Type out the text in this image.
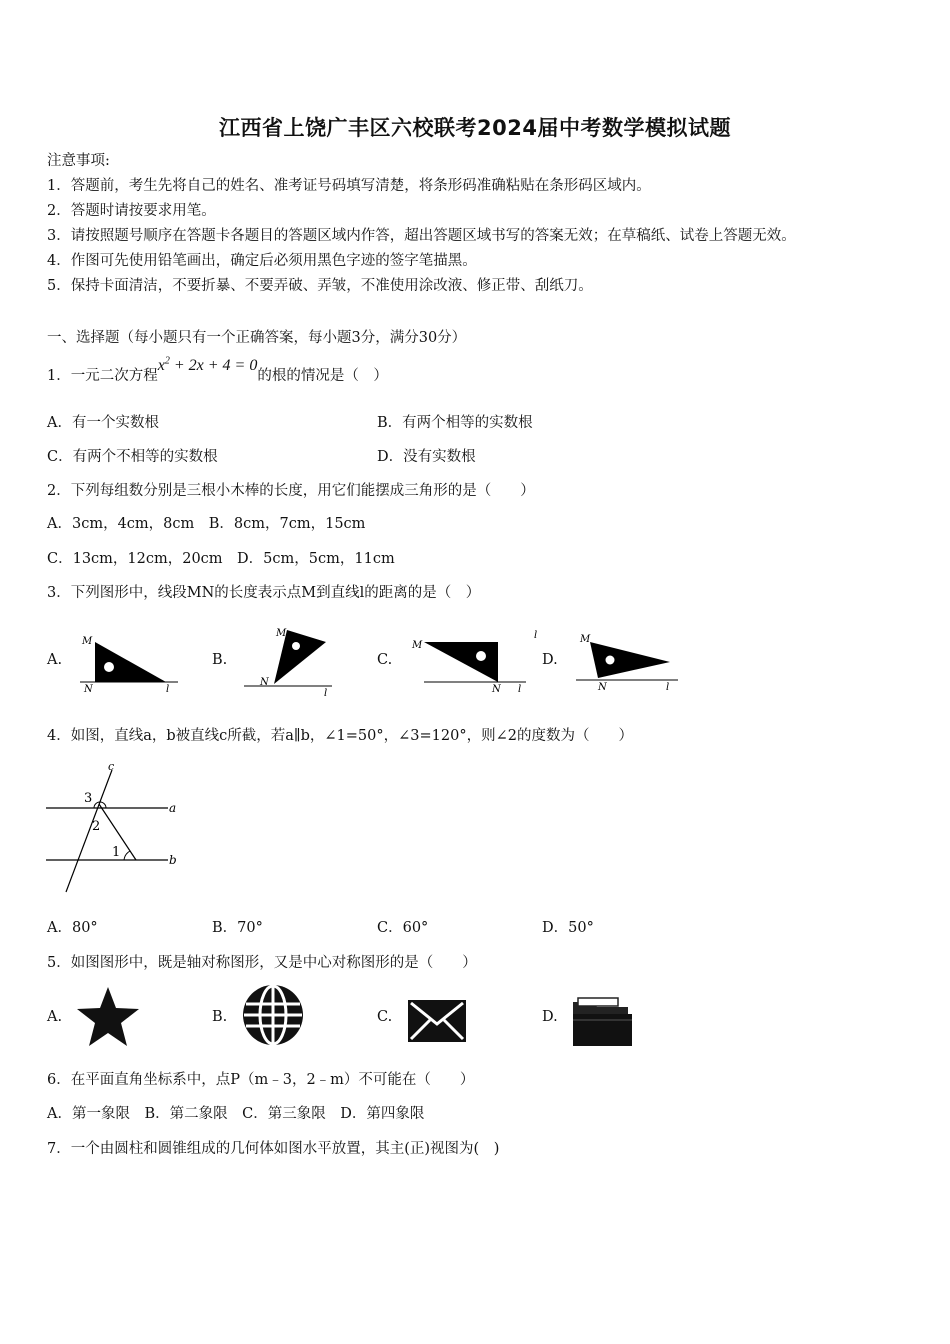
江西省上饶广丰区六校联考2024届中考数学模拟试题
注意事项:
1．答题前，考生先将自己的姓名、准考证号码填写清楚，将条形码准确粘贴在条形码区域内。
2．答题时请按要求用笔。
3．请按照题号顺序在答题卡各题目的答题区域内作答，超出答题区域书写的答案无效；在草稿纸、试卷上答题无效。
4．作图可先使用铅笔画出，确定后必须用黑色字迹的签字笔描黑。
5．保持卡面清洁，不要折暴、不要弄破、弄皱，不准使用涂改液、修正带、刮纸刀。
一、选择题（每小题只有一个正确答案，每小题3分，满分30分）
1．一元二次方程$x^2 + 2x + 4 = 0$的根的情况是（　）
A．有一个实数根	B．有两个相等的实数根
C．有两个不相等的实数根	D．没有实数根
2．下列每组数分别是三根小木棒的长度，用它们能摆成三角形的是（　　）
A．3cm，4cm，8cm　B．8cm，7cm，15cm
C．13cm，12cm，20cm　D．5cm，5cm，11cm
3．下列图形中，线段MN的长度表示点M到直线l的距离的是（　）
A.
M
N	l
B.
M
N
l
C.
M
N l
l
D.
M
N	l
4．如图，直线a，b被直线c所截，若a∥b，∠1=50°，∠3=120°，则∠2的度数为（　　）
c
a
b
3
2
1
A．80°	B．70°	C．60°	D．50°
5．如图图形中，既是轴对称图形，又是中心对称图形的是（　　）
A.	B.	C.	D.
6．在平面直角坐标系中，点P（m﹣3，2﹣m）不可能在（　　）
A．第一象限　B．第二象限　C．第三象限　D．第四象限
7．一个由圆柱和圆锥组成的几何体如图水平放置，其主(正)视图为(　)
